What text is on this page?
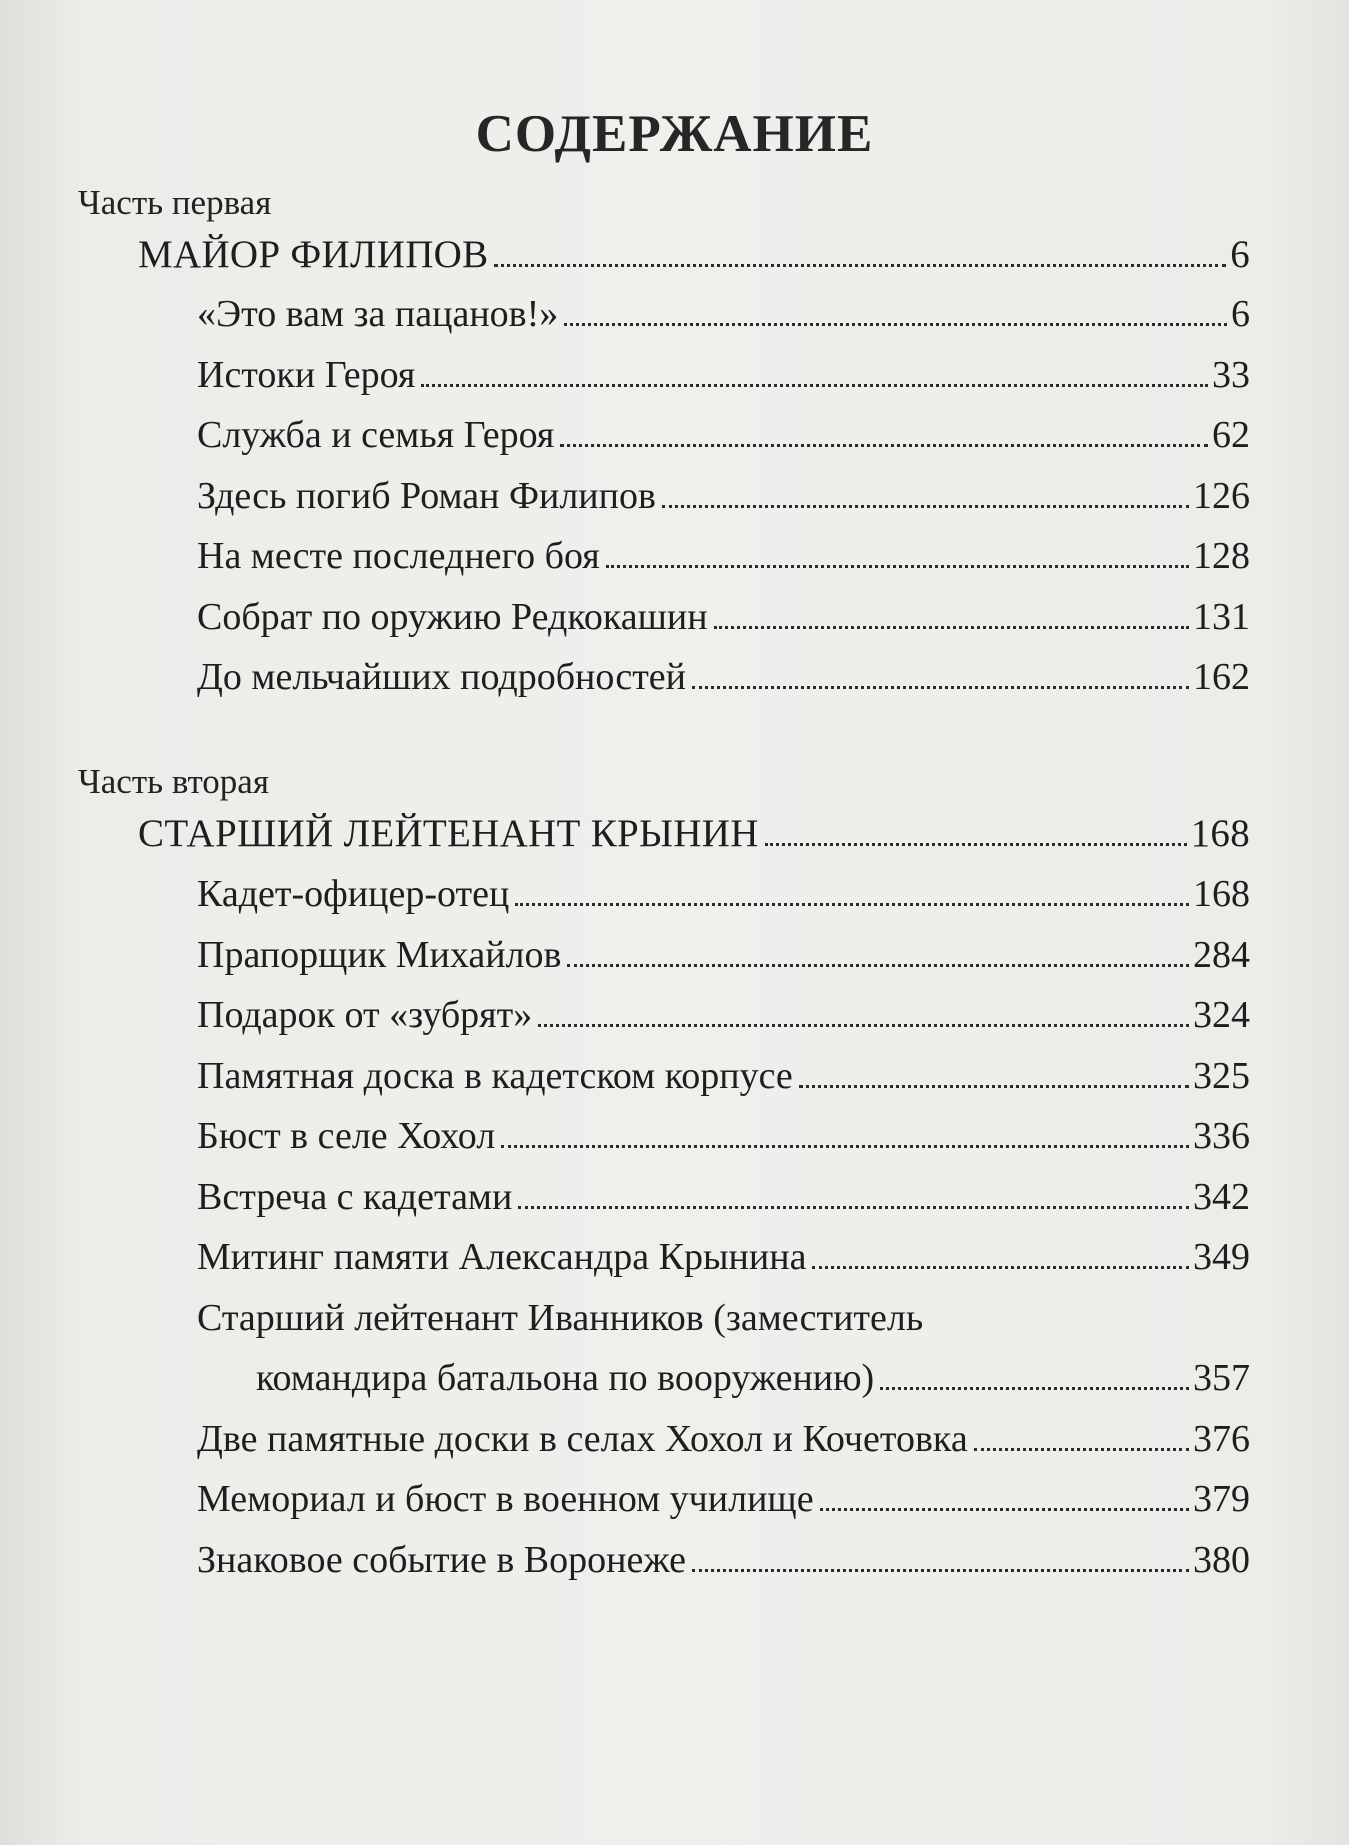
СОДЕРЖАНИЕ
Часть первая
МАЙОР ФИЛИПОВ	6
«Это вам за пацанов!»	6
Истоки Героя	33
Служба и семья Героя	62
Здесь погиб Роман Филипов	126
На месте последнего боя	128
Собрат по оружию Редкокашин	131
До мельчайших подробностей	162
Часть вторая
СТАРШИЙ ЛЕЙТЕНАНТ КРЫНИН	168
Кадет-офицер-отец	168
Прапорщик Михайлов	284
Подарок от «зубрят»	324
Памятная доска в кадетском корпусе	325
Бюст в селе Хохол	336
Встреча с кадетами	342
Митинг памяти Александра Крынина	349
Старший лейтенант Иванников (заместитель
командира батальона по вооружению)	357
Две памятные доски в селах Хохол и Кочетовка	376
Мемориал и бюст в военном училище	379
Знаковое событие в Воронеже	380
